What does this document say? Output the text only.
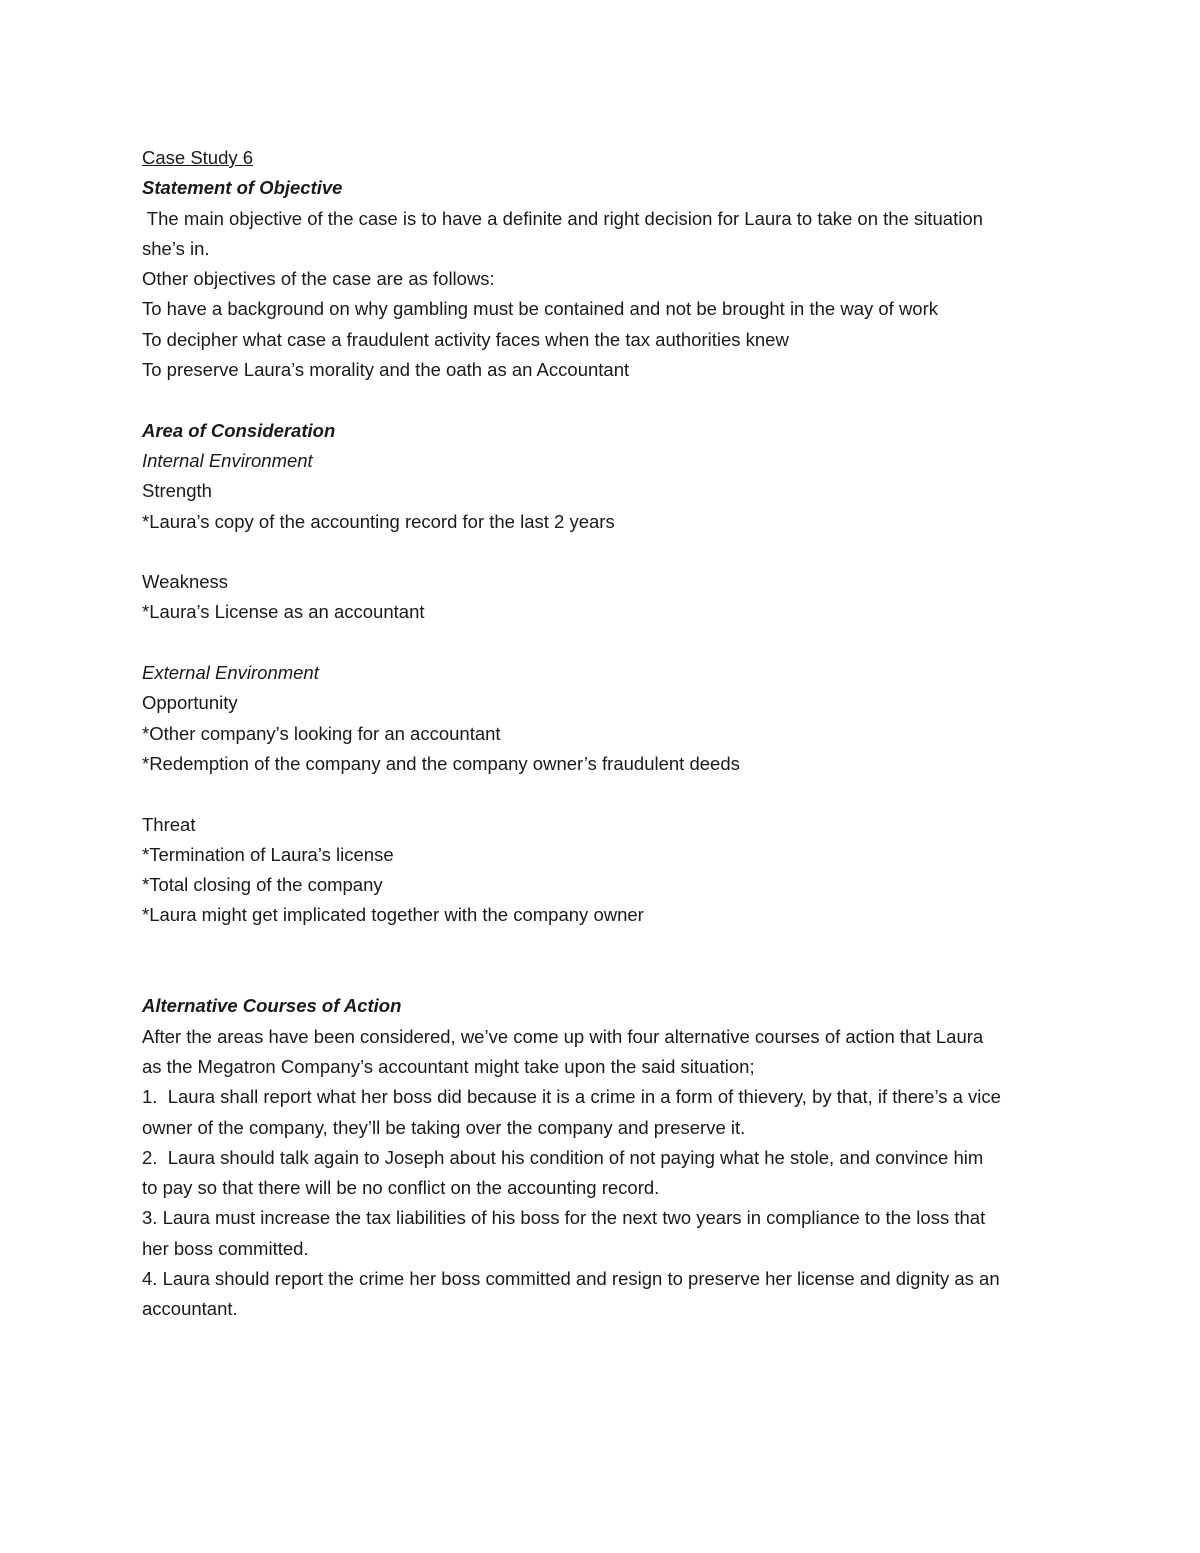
Case Study 6
Statement of Objective
The main objective of the case is to have a definite and right decision for Laura to take on the situation
she’s in.
Other objectives of the case are as follows:
To have a background on why gambling must be contained and not be brought in the way of work
To decipher what case a fraudulent activity faces when the tax authorities knew
To preserve Laura’s morality and the oath as an Accountant
Area of Consideration
Internal Environment
Strength
*Laura’s copy of the accounting record for the last 2 years
Weakness
*Laura’s License as an accountant
External Environment
Opportunity
*Other company’s looking for an accountant
*Redemption of the company and the company owner’s fraudulent deeds
Threat
*Termination of Laura’s license
*Total closing of the company
*Laura might get implicated together with the company owner
Alternative Courses of Action
After the areas have been considered, we’ve come up with four alternative courses of action that Laura
as the Megatron Company’s accountant might take upon the said situation;
1.  Laura shall report what her boss did because it is a crime in a form of thievery, by that, if there’s a vice
owner of the company, they’ll be taking over the company and preserve it.
2.  Laura should talk again to Joseph about his condition of not paying what he stole, and convince him
to pay so that there will be no conflict on the accounting record.
3. Laura must increase the tax liabilities of his boss for the next two years in compliance to the loss that
her boss committed.
4. Laura should report the crime her boss committed and resign to preserve her license and dignity as an
accountant.
